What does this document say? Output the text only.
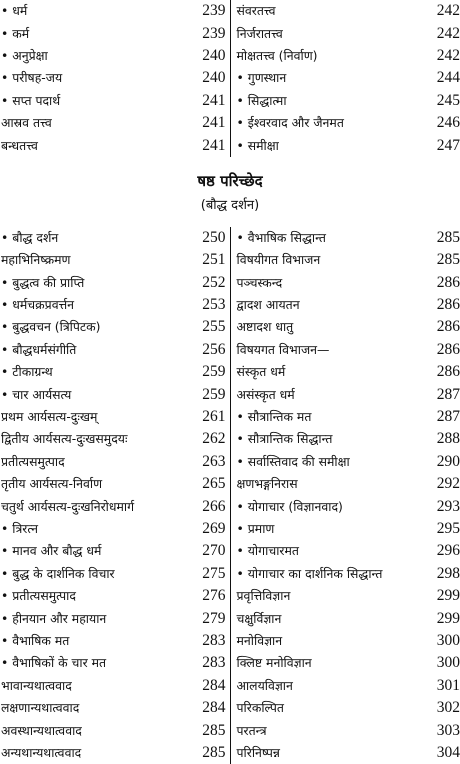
• धर्म	239	संवरतत्त्व	242
• कर्म	239	निर्जरातत्त्व	242
• अनुप्रेक्षा	240	मोक्षतत्त्व (निर्वाण)	242
• परीषह-जय	240	• गुणस्थान	244
• सप्त पदार्थ	241	• सिद्धात्मा	245
आस्रव तत्त्व	241	• ईश्वरवाद और जैनमत	246
बन्धतत्त्व	241	• समीक्षा	247
षष्ठ परिच्छेद
(बौद्ध दर्शन)
• बौद्ध दर्शन	250	• वैभाषिक सिद्धान्त	285
महाभिनिष्क्रमण	251	विषयीगत विभाजन	285
• बुद्धत्व की प्राप्ति	252	पञ्चस्कन्द	286
• धर्मचक्रप्रवर्त्तन	253	द्वादश आयतन	286
• बुद्धवचन (त्रिपिटक)	255	अष्टादश धातु	286
• बौद्धधर्मसंगीति	256	विषयगत विभाजन—	286
• टीकाग्रन्थ	259	संस्कृत धर्म	286
• चार आर्यसत्य	259	असंस्कृत धर्म	287
प्रथम आर्यसत्य-दुःखम्	261	• सौत्रान्तिक मत	287
द्वितीय आर्यसत्य-दुःखसमुदयः	262	• सौत्रान्तिक सिद्धान्त	288
प्रतीत्यसमुत्पाद	263	• सर्वास्तिवाद की समीक्षा	290
तृतीय आर्यसत्य-निर्वाण	265	क्षणभङ्गनिरास	292
चतुर्थ आर्यसत्य-दुःखनिरोधमार्ग	266	• योगाचार (विज्ञानवाद)	293
• त्रिरत्न	269	• प्रमाण	295
• मानव और बौद्ध धर्म	270	• योगाचारमत	296
• बुद्ध के दार्शनिक विचार	275	• योगाचार का दार्शनिक सिद्धान्त	298
• प्रतीत्यसमुत्पाद	276	प्रवृत्तिविज्ञान	299
• हीनयान और महायान	279	चक्षुर्विज्ञान	299
• वैभाषिक मत	283	मनोविज्ञान	300
• वैभाषिकों के चार मत	283	क्लिष्ट मनोविज्ञान	300
भावान्यथात्ववाद	284	आलयविज्ञान	301
लक्षणान्यथात्ववाद	284	परिकल्पित	302
अवस्थान्यथात्ववाद	285	परतन्त्र	303
अन्यथान्यथात्ववाद	285	परिनिष्पन्न	304
